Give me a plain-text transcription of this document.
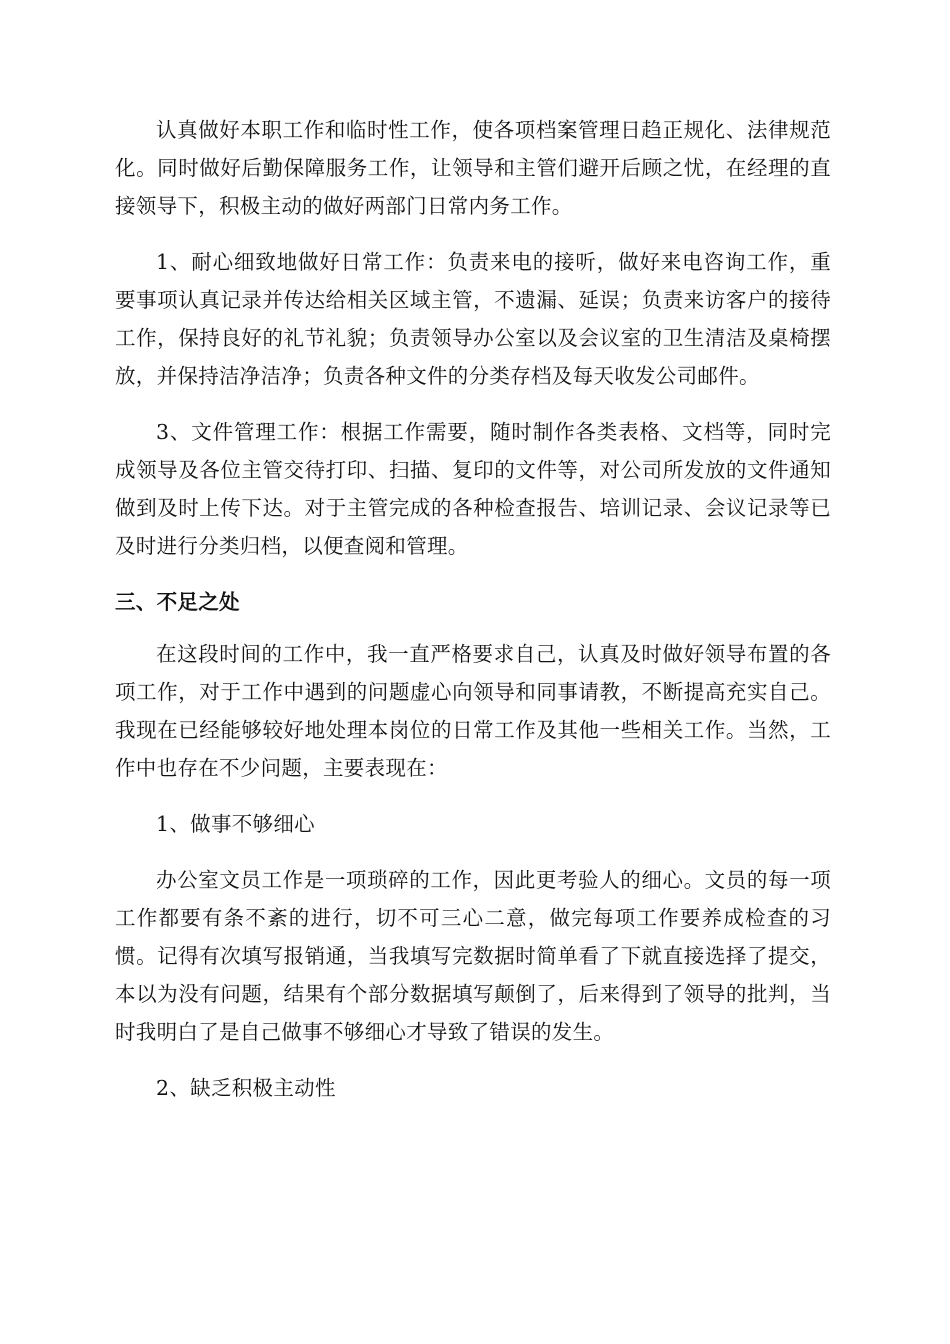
认真做好本职工作和临时性工作，使各项档案管理日趋正规化、法律规范化。同时做好后勤保障服务工作，让领导和主管们避开后顾之忧，在经理的直接领导下，积极主动的做好两部门日常内务工作。

1、耐心细致地做好日常工作：负责来电的接听，做好来电咨询工作，重要事项认真记录并传达给相关区域主管，不遗漏、延误；负责来访客户的接待工作，保持良好的礼节礼貌；负责领导办公室以及会议室的卫生清洁及桌椅摆放，并保持洁净洁净；负责各种文件的分类存档及每天收发公司邮件。

3、文件管理工作：根据工作需要，随时制作各类表格、文档等，同时完成领导及各位主管交待打印、扫描、复印的文件等，对公司所发放的文件通知做到及时上传下达。对于主管完成的各种检查报告、培训记录、会议记录等已及时进行分类归档，以便查阅和管理。

三、不足之处

在这段时间的工作中，我一直严格要求自己，认真及时做好领导布置的各项工作，对于工作中遇到的问题虚心向领导和同事请教，不断提高充实自己。我现在已经能够较好地处理本岗位的日常工作及其他一些相关工作。当然，工作中也存在不少问题，主要表现在：

1、做事不够细心

办公室文员工作是一项琐碎的工作，因此更考验人的细心。文员的每一项工作都要有条不紊的进行，切不可三心二意，做完每项工作要养成检查的习惯。记得有次填写报销通，当我填写完数据时简单看了下就直接选择了提交，本以为没有问题，结果有个部分数据填写颠倒了，后来得到了领导的批判，当时我明白了是自己做事不够细心才导致了错误的发生。

2、缺乏积极主动性
